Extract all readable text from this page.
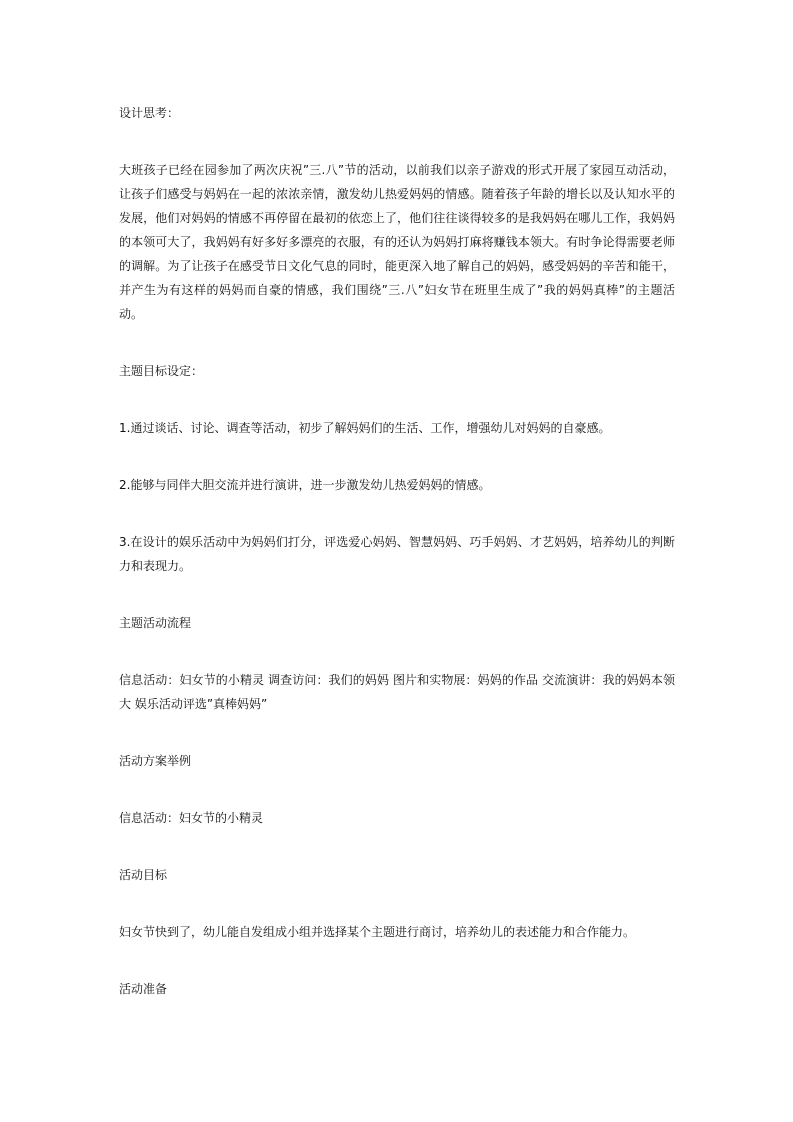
设计思考：

大班孩子已经在园参加了两次庆祝”三.八”节的活动，以前我们以亲子游戏的形式开展了家园互动活动，让孩子们感受与妈妈在一起的浓浓亲情，激发幼儿热爱妈妈的情感。随着孩子年龄的增长以及认知水平的发展，他们对妈妈的情感不再停留在最初的依恋上了，他们往往谈得较多的是我妈妈在哪儿工作，我妈妈的本领可大了，我妈妈有好多好多漂亮的衣服，有的还认为妈妈打麻将赚钱本领大。有时争论得需要老师的调解。为了让孩子在感受节日文化气息的同时，能更深入地了解自己的妈妈，感受妈妈的辛苦和能干，并产生为有这样的妈妈而自豪的情感，我们围绕”三.八”妇女节在班里生成了”我的妈妈真棒”的主题活动。

主题目标设定：

1.通过谈话、讨论、调查等活动，初步了解妈妈们的生活、工作，增强幼儿对妈妈的自豪感。

2.能够与同伴大胆交流并进行演讲，进一步激发幼儿热爱妈妈的情感。

3.在设计的娱乐活动中为妈妈们打分，评选爱心妈妈、智慧妈妈、巧手妈妈、才艺妈妈，培养幼儿的判断力和表现力。

主题活动流程

信息活动：妇女节的小精灵 调查访问：我们的妈妈 图片和实物展：妈妈的作品 交流演讲：我的妈妈本领大 娱乐活动评选”真棒妈妈”

活动方案举例

信息活动：妇女节的小精灵

活动目标

妇女节快到了，幼儿能自发组成小组并选择某个主题进行商讨，培养幼儿的表述能力和合作能力。

活动准备
